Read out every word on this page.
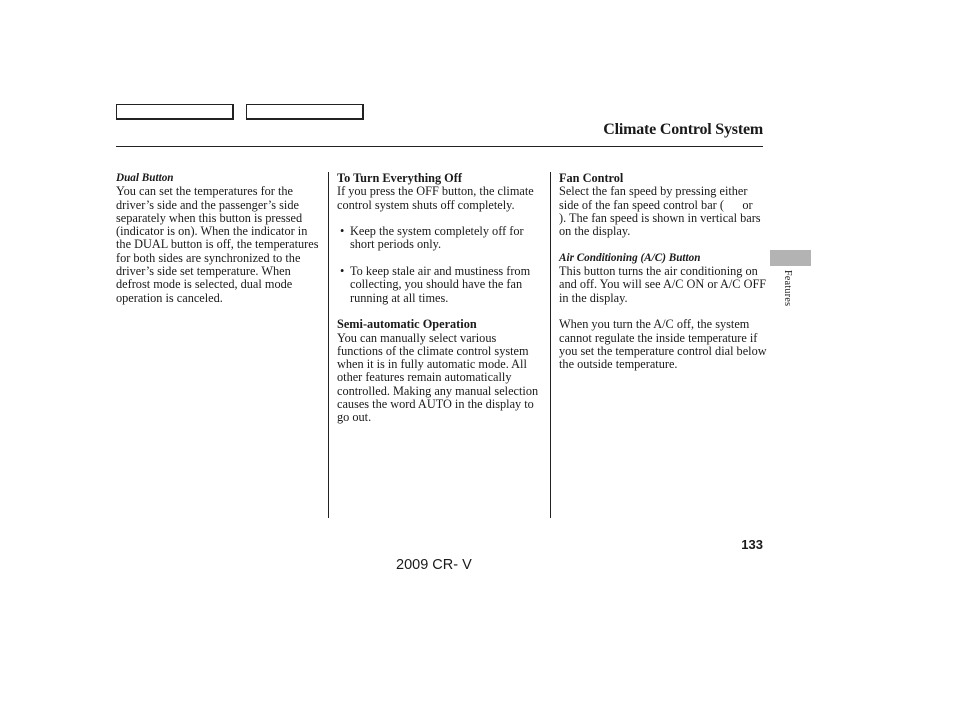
Climate Control System

Dual Button

You can set the temperatures for the driver’s side and the passenger’s side separately when this button is pressed (indicator is on). When the indicator in the DUAL button is off, the temperatures for both sides are synchronized to the driver’s side set temperature. When defrost mode is selected, dual mode operation is canceled.

To Turn Everything Off

If you press the OFF button, the climate control system shuts off completely.

• Keep the system completely off for short periods only.
• To keep stale air and mustiness from collecting, you should have the fan running at all times.

Semi-automatic Operation

You can manually select various functions of the climate control system when it is in fully automatic mode. All other features remain automatically controlled. Making any manual selection causes the word AUTO in the display to go out.

Fan Control

Select the fan speed by pressing either side of the fan speed control bar (      or      ). The fan speed is shown in vertical bars on the display.

Air Conditioning (A/C) Button

This button turns the air conditioning on and off. You will see A/C ON or A/C OFF in the display.

When you turn the A/C off, the system cannot regulate the inside temperature if you set the temperature control dial below the outside temperature.

Features
133
2009 CR- V
